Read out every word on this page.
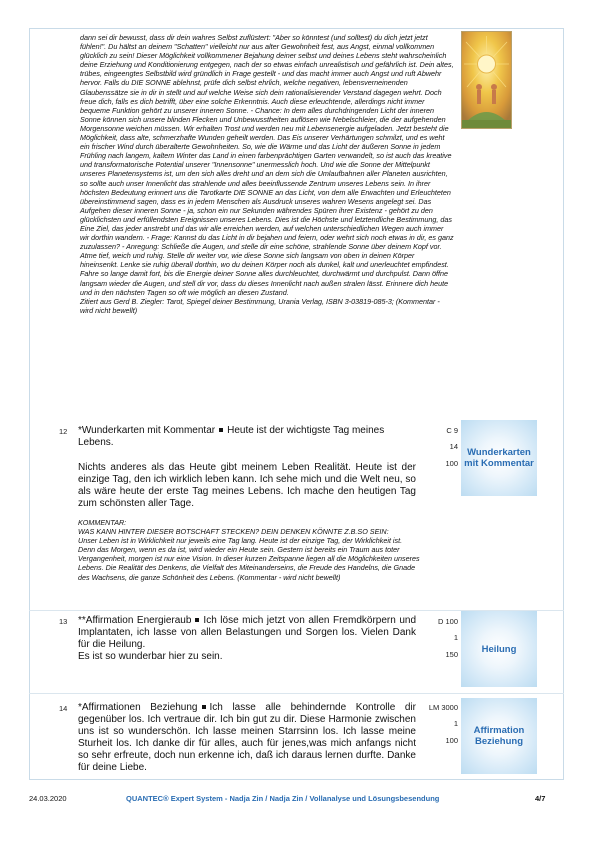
dann sei dir bewusst, dass dir dein wahres Selbst zuflüstert: "Aber so könntest (und solltest) du dich jetzt jetzt fühlen!". Du hältst an deinem "Schatten" vielleicht nur aus alter Gewohnheit fest, aus Angst, einmal vollkommen glücklich zu sein! Dieser Möglichkeit vollkommener Bejahung deiner selbst und deines Lebens steht wahrscheinlich deine Erziehung und Konditionierung entgegen, nach der so etwas einfach unrealistisch und gefährlich ist. Dein altes, trübes, eingeengtes Selbstbild wird gründlich in Frage gestellt - und das macht immer auch Angst und ruft Abwehr hervor. Falls du DIE SONNE ablehnst, prüfe dich selbst ehrlich, welche negativen, lebensverneinenden Glaubenssätze sie in dir in stellt und auf welche Weise sich dein rationalisierender Verstand dagegen wehrt. Doch freue dich, falls es dich betrifft, über eine solche Erkenntnis. Auch diese erleuchtende, allerdings nicht immer bequeme Funktion gehört zu unserer inneren Sonne. - Chance: In dem alles durchdringenden Licht der inneren Sonne können sich unsere blinden Flecken und Unbewusstheiten auflösen wie Nebelschleier, die der aufgehenden Morgensonne weichen müssen. Wir erhalten Trost und werden neu mit Lebensenergie aufgeladen. Jetzt besteht die Möglichkeit, dass alte, schmerzhafte Wunden geheilt werden. Das Eis unserer Verhärtungen schmilzt, und es weht ein frischer Wind durch überalterte Gewohnheiten. So, wie die Wärme und das Licht der äußeren Sonne in jedem Frühling nach langem, kaltem Winter das Land in einen farbenprächtigen Garten verwandelt, so ist auch das kreative und transformatorische Potential unserer "Innensonne" unermesslich hoch. Und wie die Sonne der Mittelpunkt unseres Planetensystems ist, um den sich alles dreht und an dem sich die Umlaufbahnen aller Planeten ausrichten, so sollte auch unser Innenlicht das strahlende und alles beeinflussende Zentrum unseres Lebens sein. In ihrer höchsten Bedeutung erinnert uns die Tarotkarte DIE SONNE an das Licht, von dem alle Erwachten und Erleuchteten übereinstimmend sagen, dass es in jedem Menschen als Ausdruck unseres wahren Wesens angelegt sei. Das Aufgehen dieser inneren Sonne - ja, schon ein nur Sekunden währendes Spüren ihrer Existenz - gehört zu den glücklichsten und erfüllendsten Ereignissen unseres Lebens. Dies ist die Höchste und letztendliche Bestimmung, das Eine Ziel, das jeder anstrebt und das wir alle erreichen werden, auf welchen unterschiedlichen Wegen auch immer wir dorthin wandern. - Frage: Kannst du das Licht in dir bejahen und feiern, oder wehrt sich noch etwas in dir, es ganz zuzulassen? - Anregung: Schließe die Augen, und stelle dir eine schöne, strahlende Sonne über deinem Kopf vor. Atme tief, weich und ruhig. Stelle dir weiter vor, wie diese Sonne sich langsam von oben in deinen Körper hineinsenkt. Lenke sie ruhig überall dorthin, wo du deinen Körper noch als dunkel, kalt und unerleuchtet empfindest. Fahre so lange damit fort, bis die Energie deiner Sonne alles durchleuchtet, durchwärmt und durchpulst. Dann öffne langsam wieder die Augen, und stell dir vor, dass du dieses Innenlicht nach außen stralen lässt. Erinnere dich heute und in den nächsten Tagen so oft wie möglich an diesen Zustand.

Zitiert aus Gerd B. Ziegler: Tarot, Spiegel deiner Bestimmung, Urania Verlag, ISBN 3-03819-085-3; (Kommentar - wird nicht bewellt)

12 *Wunderkarten mit Kommentar Heute ist der wichtigste Tag meines Lebens.

Nichts anderes als das Heute gibt meinem Leben Realität. Heute ist der einzige Tag, den ich wirklich leben kann. Ich sehe mich und die Welt neu, so als wäre heute der erste Tag meines Lebens. Ich mache den heutigen Tag zum schönsten aller Tage.

KOMMENTAR:

WAS KANN HINTER DIESER BOTSCHAFT STECKEN? DEIN DENKEN KÖNNTE Z.B.SO SEIN:

Unser Leben ist in Wirklichkeit nur jeweils eine Tag lang. Heute ist der einzige Tag, der Wirklichkeit ist. Denn das Morgen, wenn es da ist, wird wieder ein Heute sein. Gestern ist bereits ein Traum aus toter Vergangenheit, morgen ist nur eine Vision. In dieser kurzen Zeitspanne liegen all die Möglichkeiten unseres Lebens. Die Realität des Denkens, die Vielfalt des Miteinanderseins, die Freude des Handelns, die Gnade des Wachsens, die ganze Schönheit des Lebens. (Kommentar - wird nicht bewellt)

C 9
14
100
Wunderkarten mit Kommentar
13 **Affirmation Energieraub Ich löse mich jetzt von allen Fremdkörpern und Implantaten, ich lasse von allen Belastungen und Sorgen los. Vielen Dank für die Heilung.

Es ist so wunderbar hier zu sein.

D 100
1
150 Heilung
14 *Affirmationen Beziehung Ich lasse alle behindernde Kontrolle dir gegenüber los. Ich vertraue dir. Ich bin gut zu dir. Diese Harmonie zwischen uns ist so wunderschön. Ich lasse meinen Starrsinn los. Ich lasse meine Sturheit los. Ich danke dir für alles, auch für jenes,was mich anfangs nicht so sehr erfreute, doch nun erkenne ich, daß ich daraus lernen durfte. Danke für deine Liebe.

LM 3000
1
100
Affirmation Beziehung
24.03.2020	QUANTEC® Expert System - Nadja Zin / Nadja Zin / Vollanalyse und Lösungsbesendung	4/7
